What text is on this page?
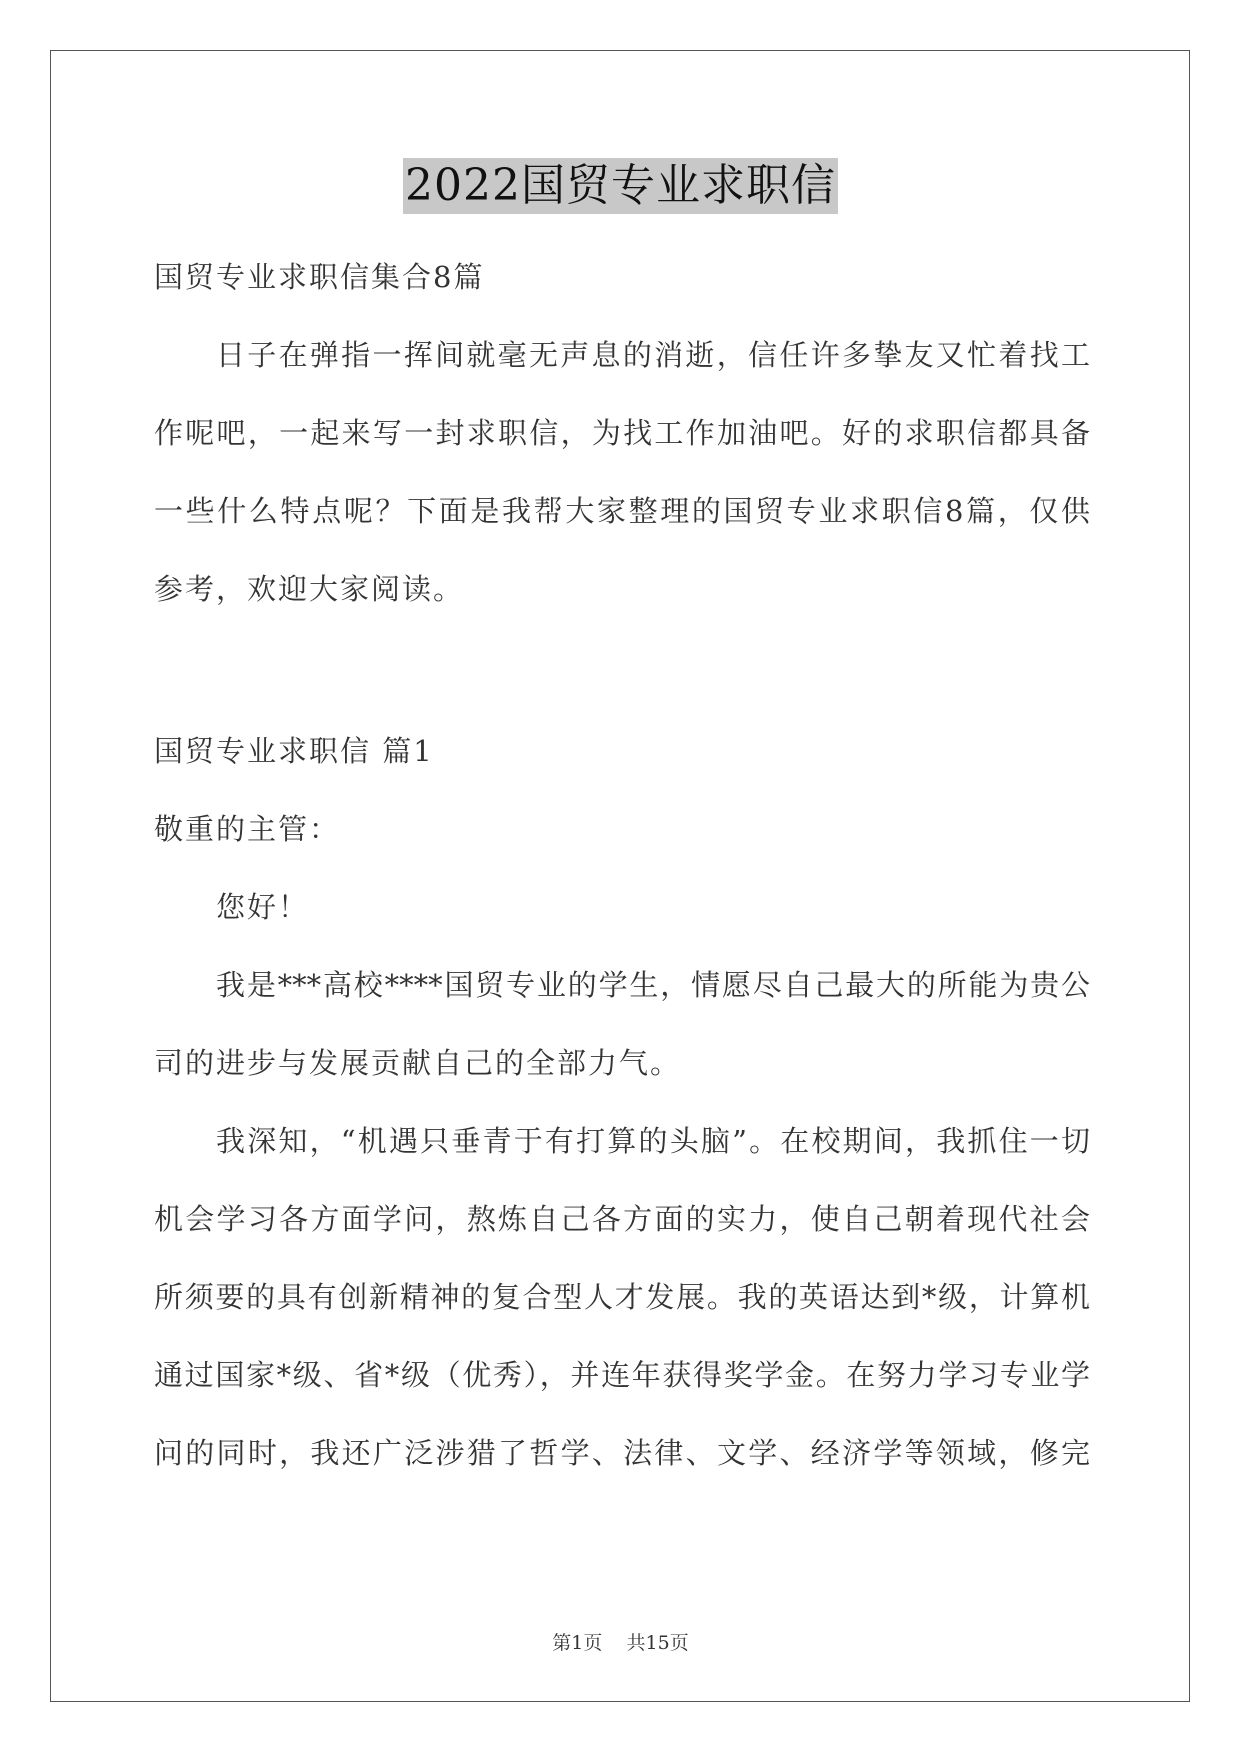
2022国贸专业求职信
国贸专业求职信集合8篇
日子在弹指一挥间就毫无声息的消逝，信任许多挚友又忙着找工
作呢吧，一起来写一封求职信，为找工作加油吧。好的求职信都具备
一些什么特点呢？下面是我帮大家整理的国贸专业求职信8篇，仅供
参考，欢迎大家阅读。
国贸专业求职信 篇1
敬重的主管：
您好！
我是***高校****国贸专业的学生，情愿尽自己最大的所能为贵公
司的进步与发展贡献自己的全部力气。
我深知，“机遇只垂青于有打算的头脑”。在校期间，我抓住一切
机会学习各方面学问，熬炼自己各方面的实力，使自己朝着现代社会
所须要的具有创新精神的复合型人才发展。我的英语达到*级，计算机
通过国家*级、省*级（优秀），并连年获得奖学金。在努力学习专业学
问的同时，我还广泛涉猎了哲学、法律、文学、经济学等领域，修完
第1页    共15页
